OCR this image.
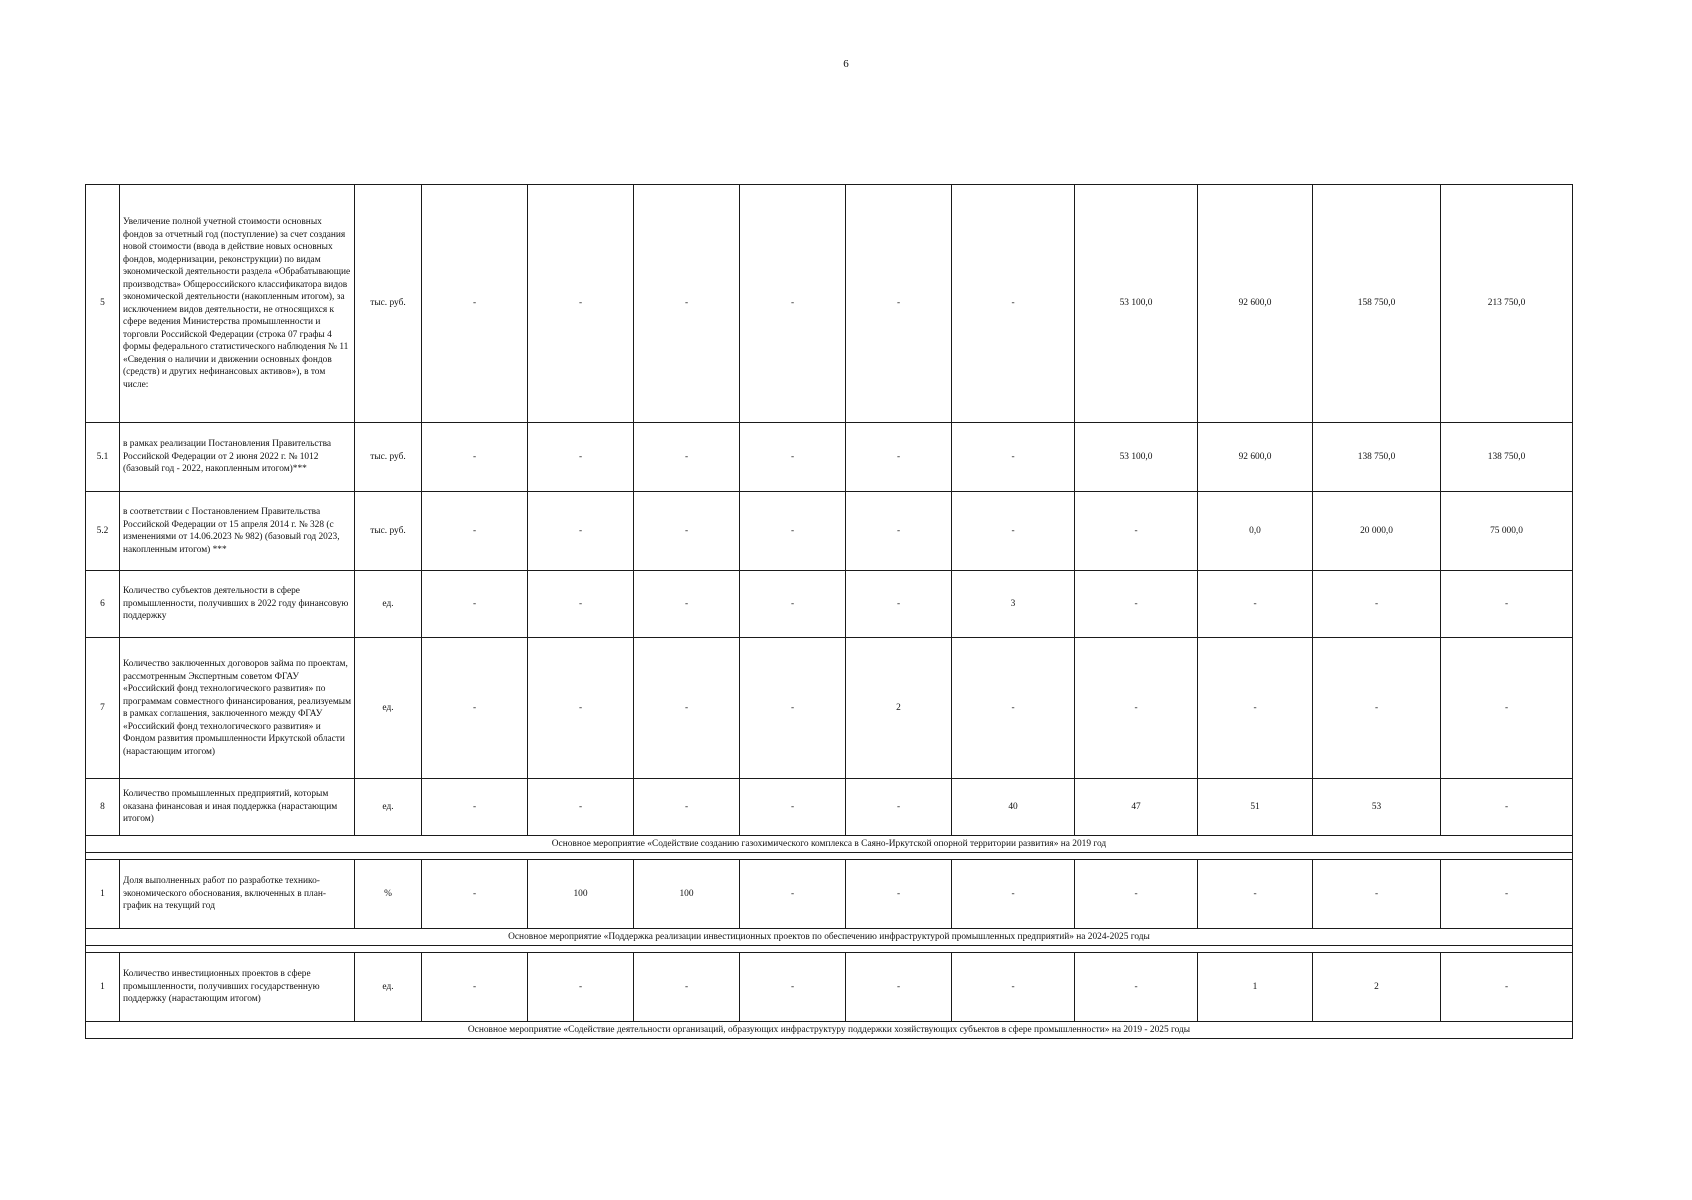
6
5	Увеличение полной учетной стоимости основных фондов за отчетный год (поступление) за счет создания новой стоимости (ввода в действие новых основных фондов, модернизации, реконструкции) по видам экономической деятельности раздела «Обрабатывающие производства» Общероссийского классификатора видов экономической деятельности (накопленным итогом), за исключением видов деятельности, не относящихся к сфере ведения Министерства промышленности и торговли Российской Федерации (строка 07 графы 4 формы федерального статистического наблюдения № 11 «Сведения о наличии и движении основных фондов (средств) и других нефинансовых активов»), в том числе:	тыс. руб.	-	-	-	-	-	-	53 100,0	92 600,0	158 750,0	213 750,0
5.1	в рамках реализации Постановления Правительства Российской Федерации от 2 июня 2022 г. № 1012 (базовый год - 2022, накопленным итогом)***	тыс. руб.	-	-	-	-	-	-	53 100,0	92 600,0	138 750,0	138 750,0
5.2	в соответствии с Постановлением Правительства Российской Федерации от 15 апреля 2014 г. № 328 (с изменениями от 14.06.2023 № 982) (базовый год 2023, накопленным итогом) ***	тыс. руб.	-	-	-	-	-	-	-	0,0	20 000,0	75 000,0
6	Количество субъектов деятельности в сфере промышленности, получивших в 2022 году финансовую поддержку	ед.	-	-	-	-	-	3	-	-	-	-
7	Количество заключенных договоров займа по проектам, рассмотренным Экспертным советом ФГАУ «Российский фонд технологического развития» по программам совместного финансирования, реализуемым в рамках соглашения, заключенного между ФГАУ «Российский фонд технологического развития» и Фондом развития промышленности Иркутской области (нарастающим итогом)	ед.	-	-	-	-	2	-	-	-	-	-
8	Количество промышленных предприятий, которым оказана финансовая и иная поддержка (нарастающим итогом)	ед.	-	-	-	-	-	40	47	51	53	-
Основное мероприятие «Содействие созданию газохимического комплекса в Саяно-Иркутской опорной территории развития» на 2019 год												

1	Доля выполненных работ по разработке технико-экономического обоснования, включенных в план-график на текущий год	%	-	100	100	-	-	-	-	-	-	-
Основное мероприятие «Поддержка реализации инвестиционных проектов по обеспечению инфраструктурой промышленных предприятий» на 2024-2025 годы												

1	Количество инвестиционных проектов в сфере промышленности, получивших государственную поддержку (нарастающим итогом)	ед.	-	-	-	-	-	-	-	1	2	-
Основное мероприятие «Содействие деятельности организаций, образующих инфраструктуру поддержки хозяйствующих субъектов в сфере промышленности» на 2019 - 2025 годы												
